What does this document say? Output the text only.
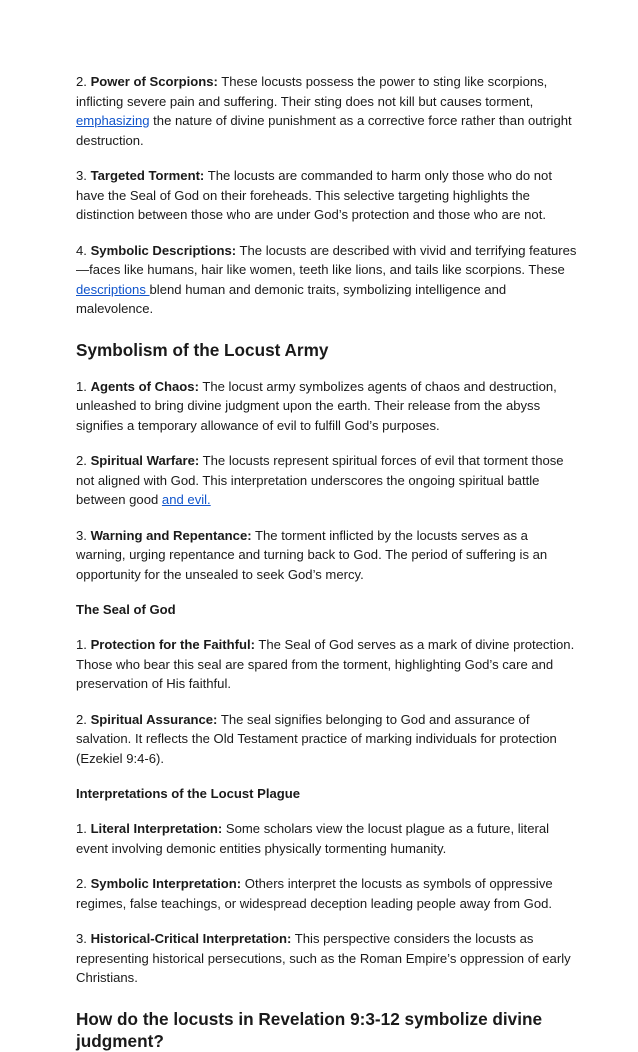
2. Power of Scorpions: These locusts possess the power to sting like scorpions, inflicting severe pain and suffering. Their sting does not kill but causes torment, emphasizing the nature of divine punishment as a corrective force rather than outright destruction.

3. Targeted Torment: The locusts are commanded to harm only those who do not have the Seal of God on their foreheads. This selective targeting highlights the distinction between those who are under God’s protection and those who are not.

4. Symbolic Descriptions: The locusts are described with vivid and terrifying features—faces like humans, hair like women, teeth like lions, and tails like scorpions. These descriptions blend human and demonic traits, symbolizing intelligence and malevolence.

Symbolism of the Locust Army

1. Agents of Chaos: The locust army symbolizes agents of chaos and destruction, unleashed to bring divine judgment upon the earth. Their release from the abyss signifies a temporary allowance of evil to fulfill God’s purposes.

2. Spiritual Warfare: The locusts represent spiritual forces of evil that torment those not aligned with God. This interpretation underscores the ongoing spiritual battle between good and evil.

3. Warning and Repentance: The torment inflicted by the locusts serves as a warning, urging repentance and turning back to God. The period of suffering is an opportunity for the unsealed to seek God’s mercy.

The Seal of God

1. Protection for the Faithful: The Seal of God serves as a mark of divine protection. Those who bear this seal are spared from the torment, highlighting God’s care and preservation of His faithful.

2. Spiritual Assurance: The seal signifies belonging to God and assurance of salvation. It reflects the Old Testament practice of marking individuals for protection (Ezekiel 9:4-6).

Interpretations of the Locust Plague

1. Literal Interpretation: Some scholars view the locust plague as a future, literal event involving demonic entities physically tormenting humanity.

2. Symbolic Interpretation: Others interpret the locusts as symbols of oppressive regimes, false teachings, or widespread deception leading people away from God.

3. Historical-Critical Interpretation: This perspective considers the locusts as representing historical persecutions, such as the Roman Empire’s oppression of early Christians.

How do the locusts in Revelation 9:3-12 symbolize divine judgment?
